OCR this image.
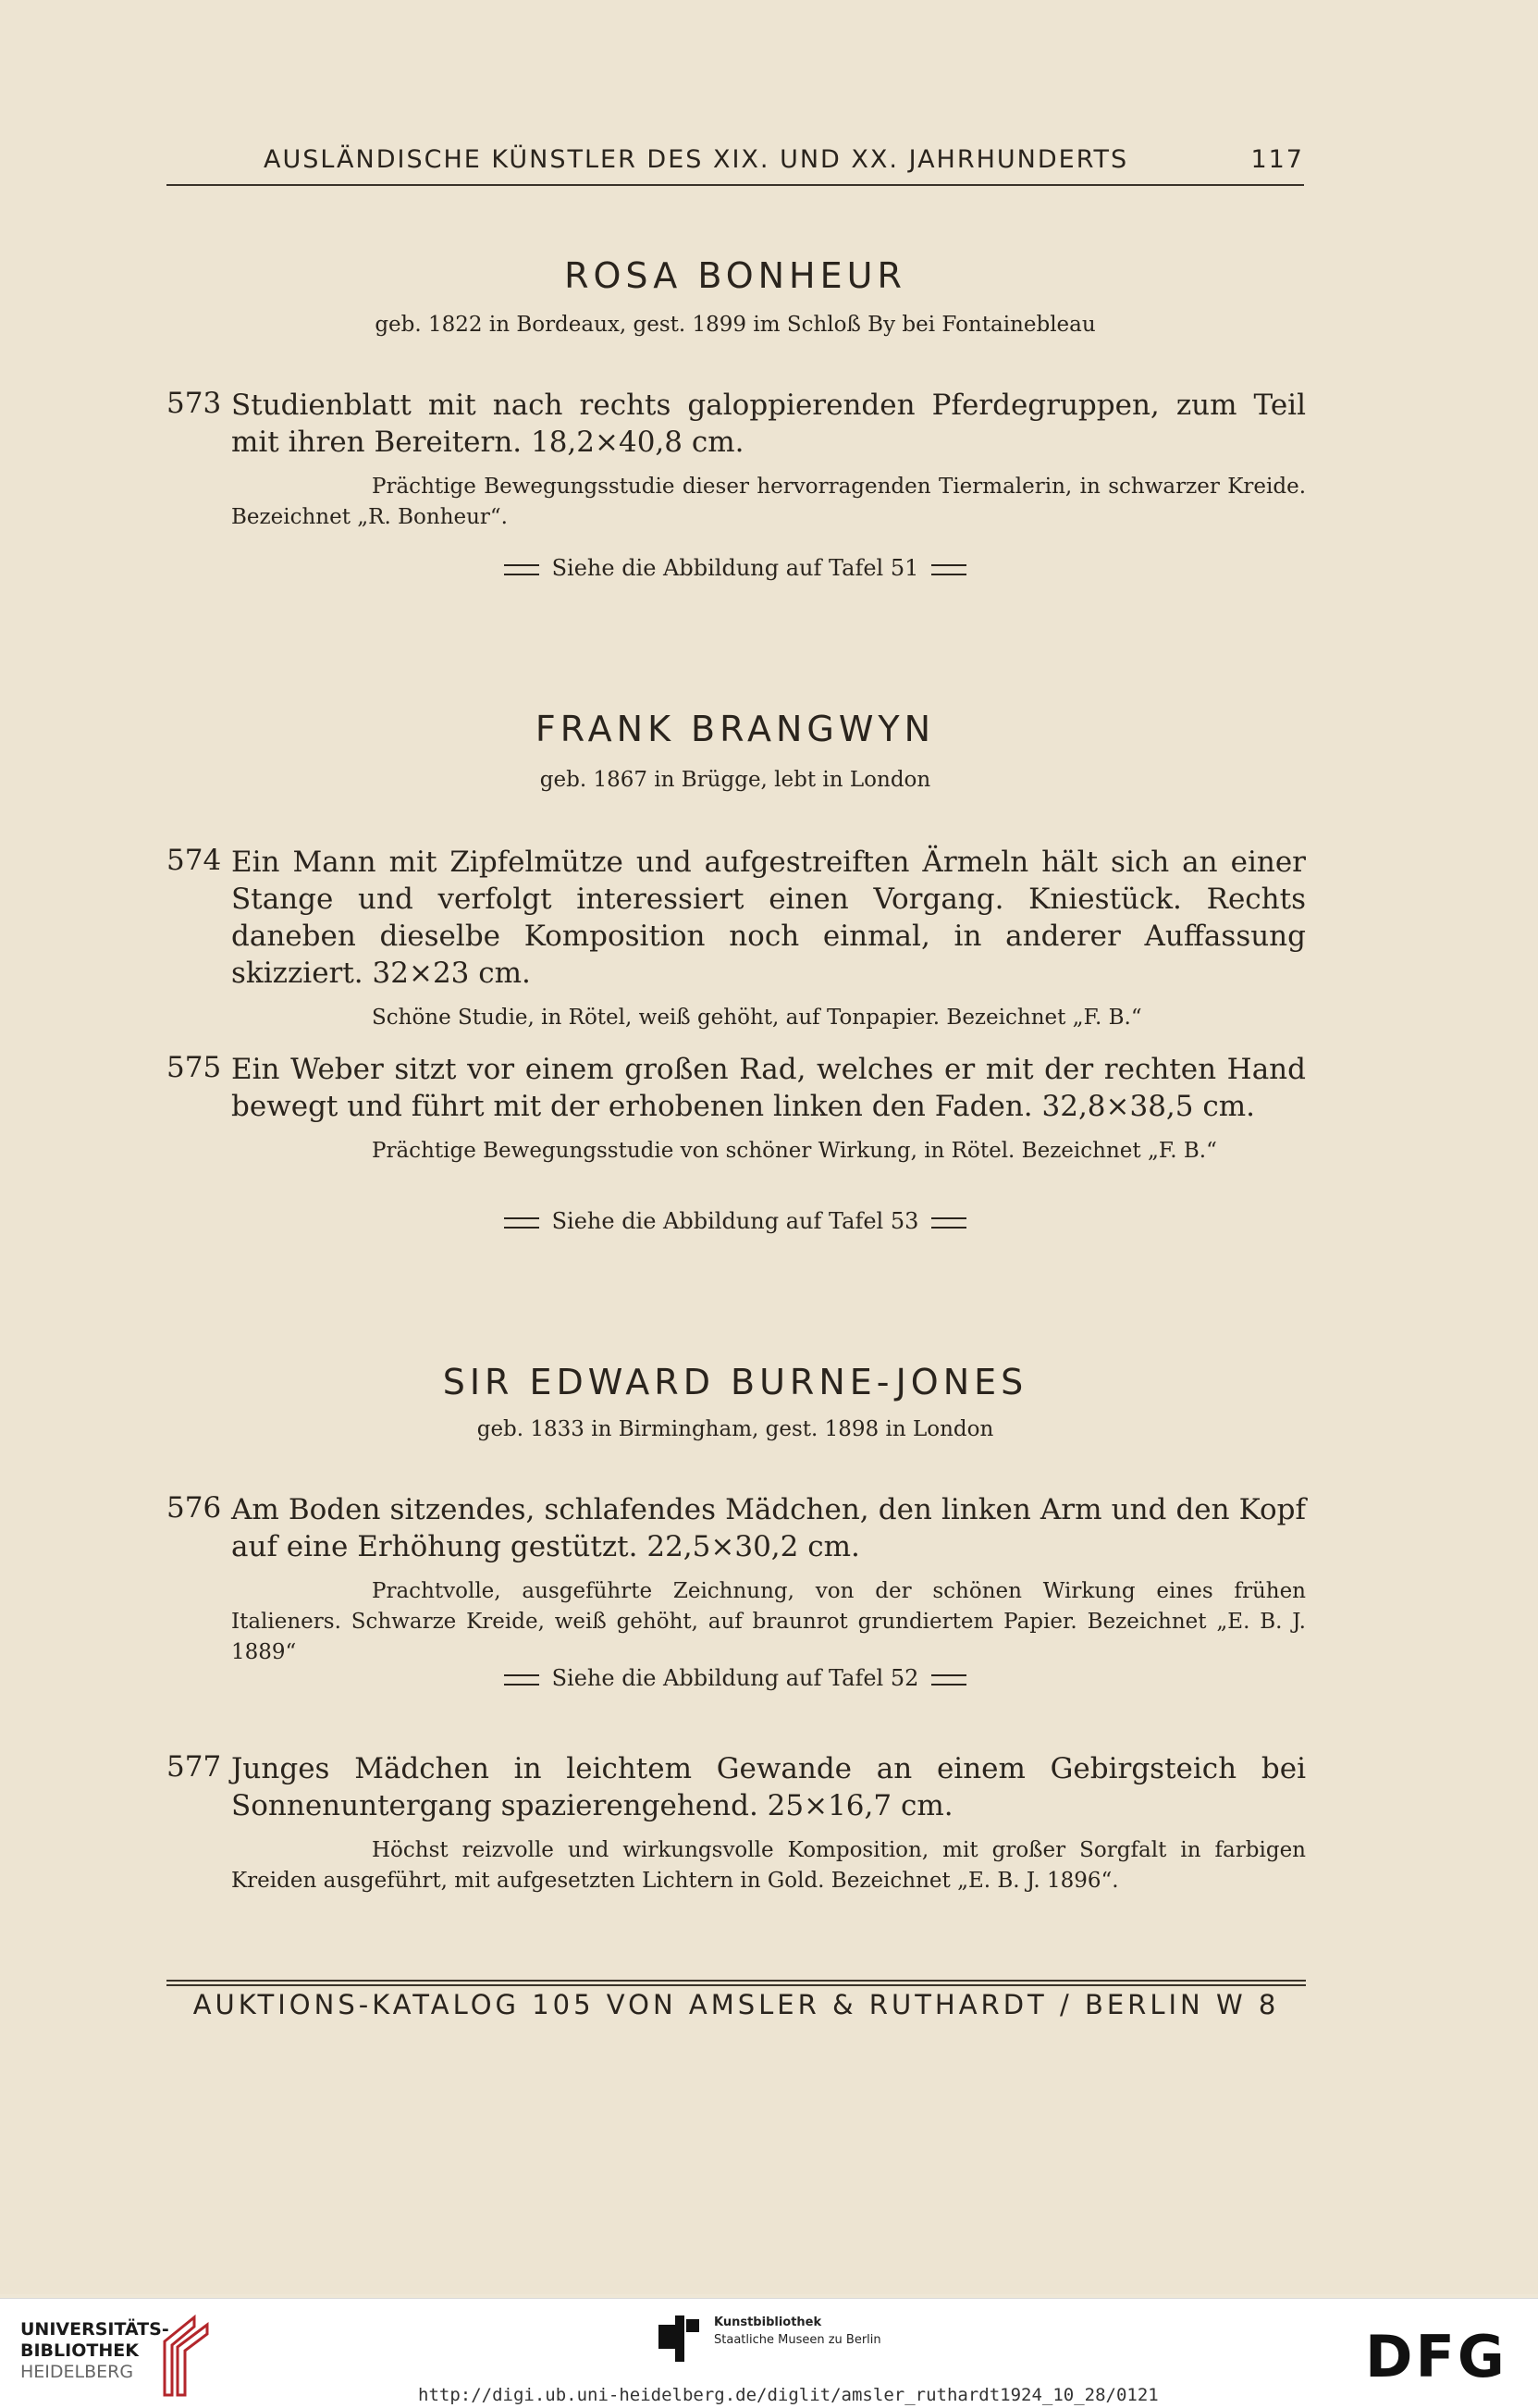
AUSLÄNDISCHE KÜNSTLER DES XIX. UND XX. JAHRHUNDERTS	117
ROSA BONHEUR
geb. 1822 in Bordeaux, gest. 1899 im Schloß By bei Fontainebleau
573 Studienblatt mit nach rechts galoppierenden Pferdegruppen, zum Teil mit ihren Bereitern. 18,2×40,8 cm.
Prächtige Bewegungsstudie dieser hervorragenden Tiermalerin, in schwarzer Kreide. Bezeichnet „R. Bonheur“.
Siehe die Abbildung auf Tafel 51
FRANK BRANGWYN
geb. 1867 in Brügge, lebt in London
574 Ein Mann mit Zipfelmütze und aufgestreiften Ärmeln hält sich an einer Stange und verfolgt interessiert einen Vorgang. Kniestück. Rechts daneben dieselbe Komposition noch einmal, in anderer Auffassung skizziert. 32×23 cm.
Schöne Studie, in Rötel, weiß gehöht, auf Tonpapier. Bezeichnet „F. B.“
575 Ein Weber sitzt vor einem großen Rad, welches er mit der rechten Hand bewegt und führt mit der erhobenen linken den Faden. 32,8×38,5 cm.
Prächtige Bewegungsstudie von schöner Wirkung, in Rötel. Bezeichnet „F. B.“
Siehe die Abbildung auf Tafel 53
SIR EDWARD BURNE-JONES
geb. 1833 in Birmingham, gest. 1898 in London
576 Am Boden sitzendes, schlafendes Mädchen, den linken Arm und den Kopf auf eine Erhöhung gestützt. 22,5×30,2 cm.
Prachtvolle, ausgeführte Zeichnung, von der schönen Wirkung eines frühen Italieners. Schwarze Kreide, weiß gehöht, auf braunrot grundiertem Papier. Bezeichnet „E. B. J. 1889“
Siehe die Abbildung auf Tafel 52
577 Junges Mädchen in leichtem Gewande an einem Gebirgsteich bei Sonnenuntergang spazierengehend. 25×16,7 cm.
Höchst reizvolle und wirkungsvolle Komposition, mit großer Sorgfalt in farbigen Kreiden ausgeführt, mit aufgesetzten Lichtern in Gold. Bezeichnet „E. B. J. 1896“.
AUKTIONS-KATALOG 105 VON AMSLER & RUTHARDT / BERLIN W 8
UNIVERSITÄTS-
BIBLIOTHEK
HEIDELBERG
Kunstbibliothek
Staatliche Museen zu Berlin	DFG
http://digi.ub.uni-heidelberg.de/diglit/amsler_ruthardt1924_10_28/0121
